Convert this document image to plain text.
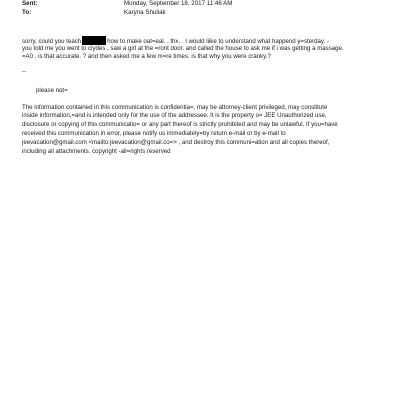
Sent:	Monday, September 18, 2017 11:46 AM
To:	Karyna Shuliak
sorry, could you teach	how to make oat=eal. . thx. . I would liike to understand what happend y=sterday. -
you told me you went to clydes , saw a girl at the =ront door. and called the house to ask me if i was getting a massage.
=A0 . is that accurate. ? and then asked me a few m=re times. is that why you were cranky.?
--
please not=
The information contained in this communication is confidentia=, may be attorney-client privileged, may constitute
inside information,=and is intended only for the use of the addressee. It is the property o= JEE Unauthorized use,
disclosure or copying of this communicatio= or any part thereof is strictly prohibited and may be unlawful. If you=have
received this communication in error, please notify us immediately=by return e-mail or by e-mail to
jeevacation@gmail.com <mailto:jeevacation@gmail.co=> , and destroy this communi=ation and all copies thereof,
including all attachments. copyright -all=rights reserved
